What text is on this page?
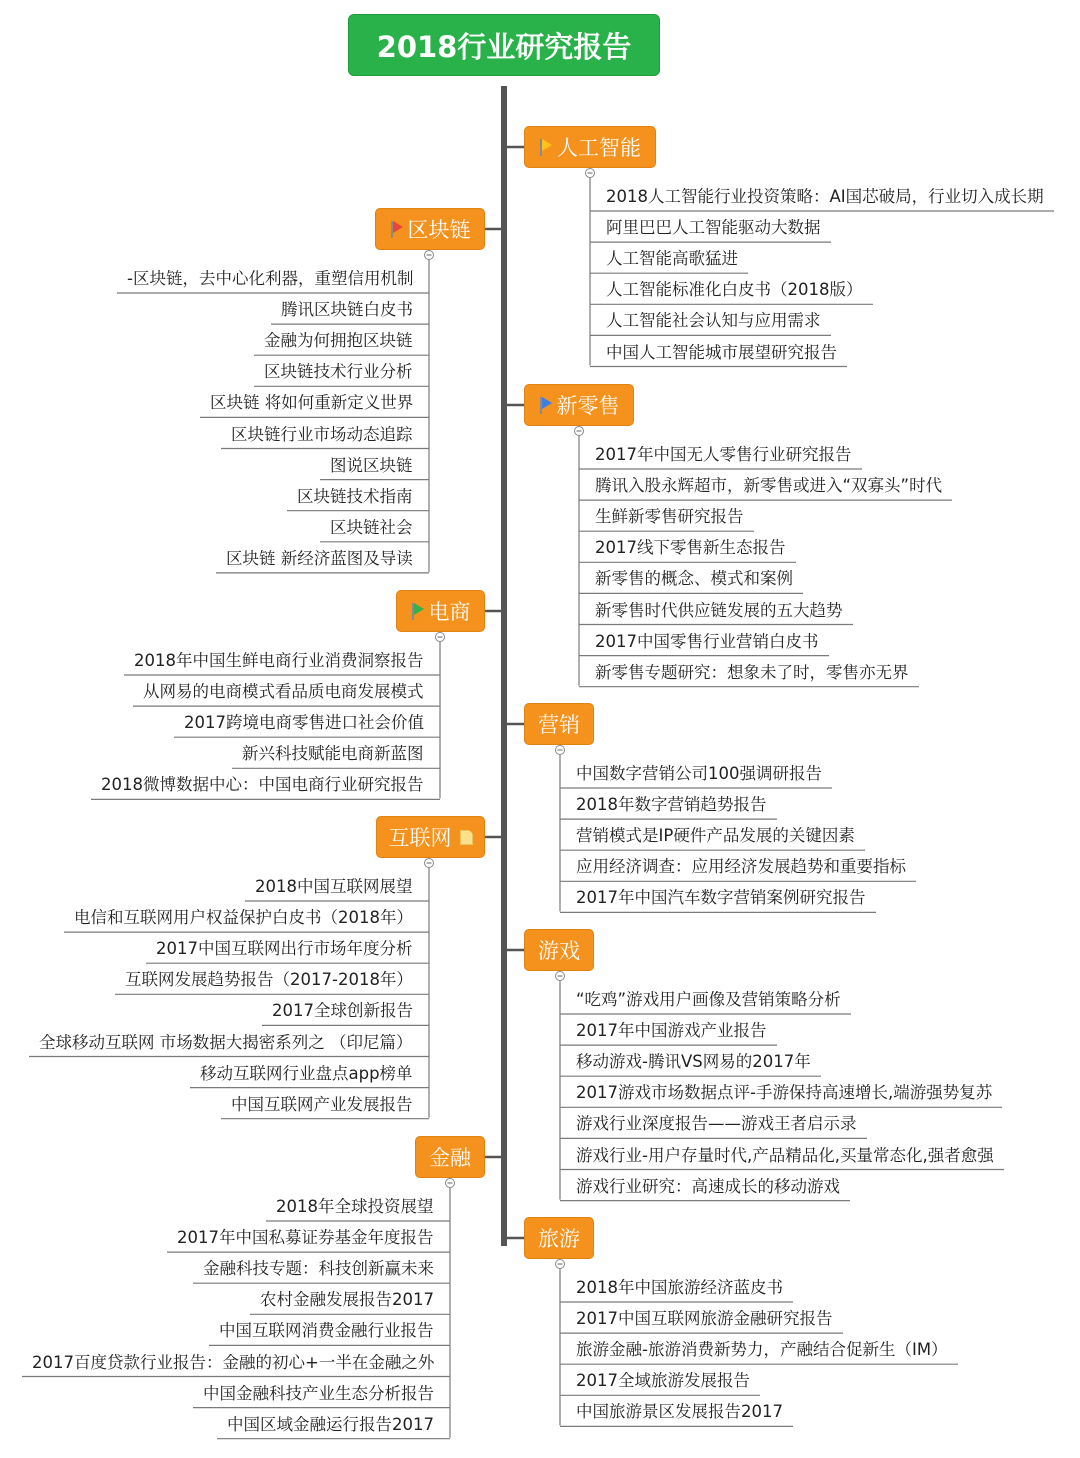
2018行业研究报告
人工智能
2018人工智能行业投资策略：AI国芯破局，行业切入成长期
阿里巴巴人工智能驱动大数据
人工智能高歌猛进
人工智能标准化白皮书（2018版）
人工智能社会认知与应用需求
中国人工智能城市展望研究报告
新零售
2017年中国无人零售行业研究报告
腾讯入股永辉超市，新零售或进入“双寡头”时代
生鲜新零售研究报告
2017线下零售新生态报告
新零售的概念、模式和案例
新零售时代供应链发展的五大趋势
2017中国零售行业营销白皮书
新零售专题研究：想象未了时，零售亦无界
营销
中国数字营销公司100强调研报告
2018年数字营销趋势报告
营销模式是IP硬件产品发展的关键因素
应用经济调查：应用经济发展趋势和重要指标
2017年中国汽车数字营销案例研究报告
游戏
“吃鸡”游戏用户画像及营销策略分析
2017年中国游戏产业报告
移动游戏-腾讯VS网易的2017年
2017游戏市场数据点评-手游保持高速增长,端游强势复苏
游戏行业深度报告——游戏王者启示录
游戏行业-用户存量时代,产品精品化,买量常态化,强者愈强
游戏行业研究：高速成长的移动游戏
旅游
2018年中国旅游经济蓝皮书
2017中国互联网旅游金融研究报告
旅游金融-旅游消费新势力，产融结合促新生（IM）
2017全域旅游发展报告
中国旅游景区发展报告2017
区块链
-区块链，去中心化利器，重塑信用机制
腾讯区块链白皮书
金融为何拥抱区块链
区块链技术行业分析
区块链 将如何重新定义世界
区块链行业市场动态追踪
图说区块链
区块链技术指南
区块链社会
区块链 新经济蓝图及导读
电商
2018年中国生鲜电商行业消费洞察报告
从网易的电商模式看品质电商发展模式
2017跨境电商零售进口社会价值
新兴科技赋能电商新蓝图
2018微博数据中心：中国电商行业研究报告
互联网
2018中国互联网展望
电信和互联网用户权益保护白皮书（2018年）
2017中国互联网出行市场年度分析
互联网发展趋势报告（2017-2018年）
2017全球创新报告
全球移动互联网 市场数据大揭密系列之 （印尼篇）
移动互联网行业盘点app榜单
中国互联网产业发展报告
金融
2018年全球投资展望
2017年中国私募证券基金年度报告
金融科技专题：科技创新赢未来
农村金融发展报告2017
中国互联网消费金融行业报告
2017百度贷款行业报告：金融的初心+一半在金融之外
中国金融科技产业生态分析报告
中国区域金融运行报告2017
